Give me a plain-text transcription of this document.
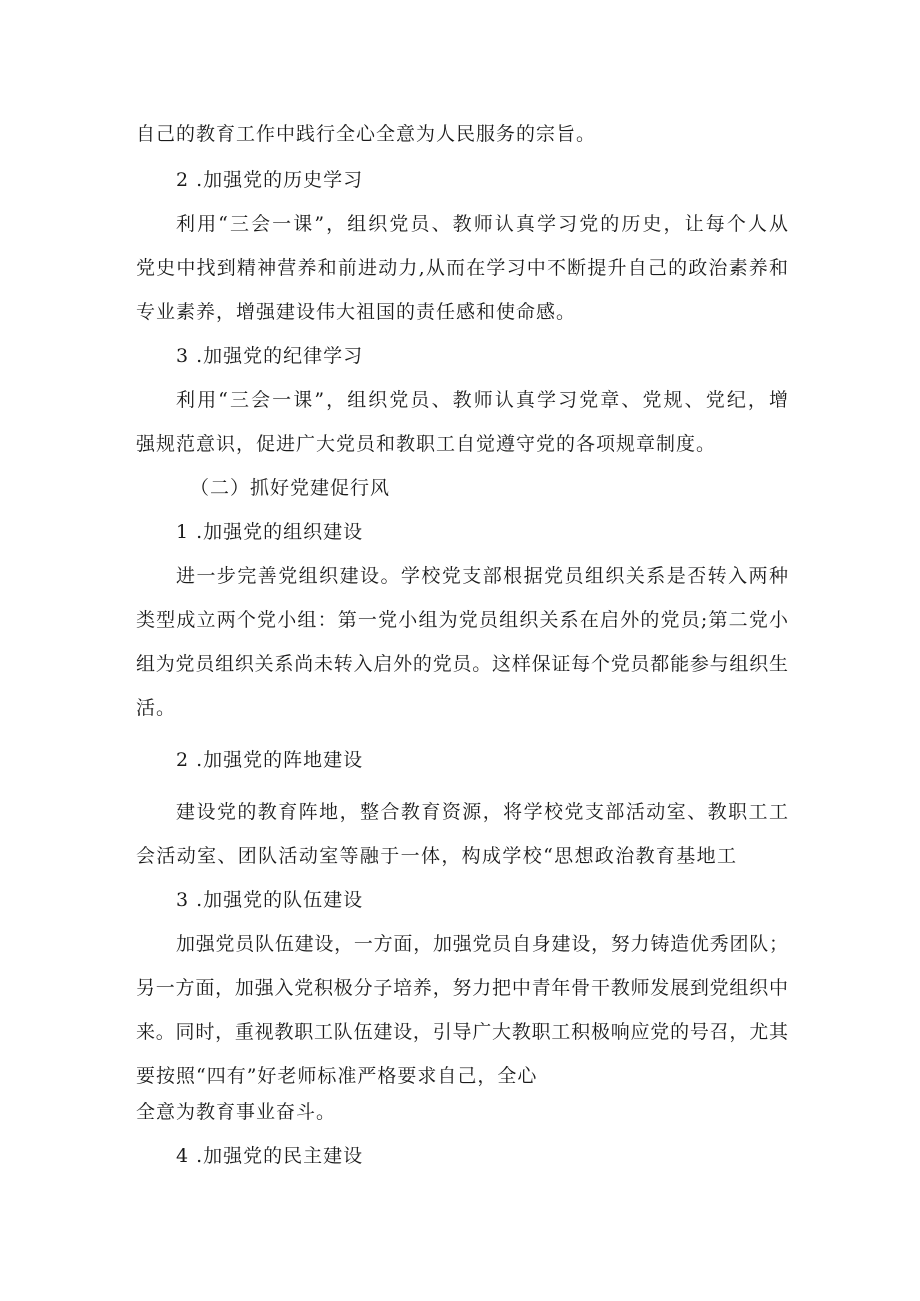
自己的教育工作中践行全心全意为人民服务的宗旨。
2 .加强党的历史学习
利用“三会一课”，组织党员、教师认真学习党的历史，让每个人从
党史中找到精神营养和前进动力,从而在学习中不断提升自己的政治素养和
专业素养，增强建设伟大祖国的责任感和使命感。
3 .加强党的纪律学习
利用“三会一课”，组织党员、教师认真学习党章、党规、党纪，增
强规范意识，促进广大党员和教职工自觉遵守党的各项规章制度。
（二）抓好党建促行风
1 .加强党的组织建设
进一步完善党组织建设。学校党支部根据党员组织关系是否转入两种
类型成立两个党小组：第一党小组为党员组织关系在启外的党员;第二党小
组为党员组织关系尚未转入启外的党员。这样保证每个党员都能参与组织生
活。
2 .加强党的阵地建设
建设党的教育阵地，整合教育资源，将学校党支部活动室、教职工工
会活动室、团队活动室等融于一体，构成学校“思想政治教育基地工
3 .加强党的队伍建设
加强党员队伍建设，一方面，加强党员自身建设，努力铸造优秀团队；
另一方面，加强入党积极分子培养，努力把中青年骨干教师发展到党组织中
来。同时，重视教职工队伍建设，引导广大教职工积极响应党的号召，尤其
要按照“四有”好老师标准严格要求自己，全心
全意为教育事业奋斗。
4 .加强党的民主建设
